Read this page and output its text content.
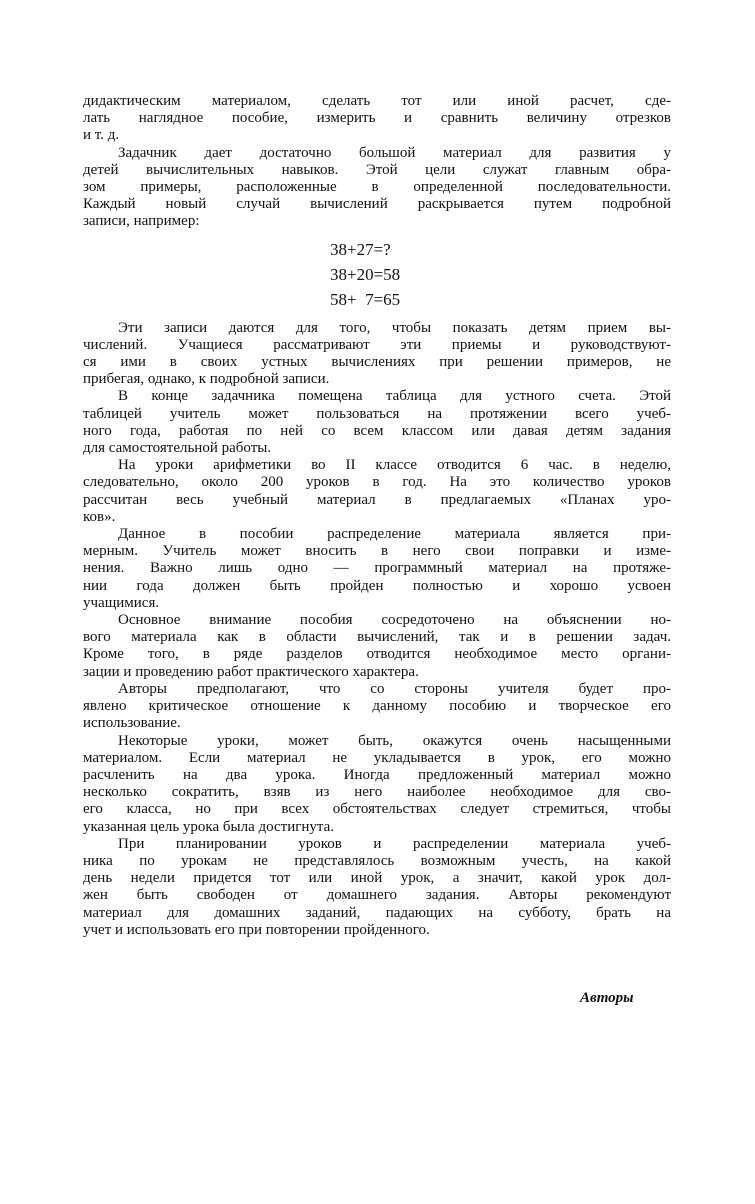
дидактическим материалом, сделать тот или иной расчет, сде-
лать наглядное пособие, измерить и сравнить величину отрезков
и т. д.
Задачник дает достаточно большой материал для развития у
детей вычислительных навыков. Этой цели служат главным обра-
зом примеры, расположенные в определенной последовательности.
Каждый новый случай вычислений раскрывается путем подробной
записи, например:
38+27=?
38+20=58
58+  7=65
Эти записи даются для того, чтобы показать детям прием вы-
числений. Учащиеся рассматривают эти приемы и руководствуют-
ся ими в своих устных вычислениях при решении примеров, не
прибегая, однако, к подробной записи.
В конце задачника помещена таблица для устного счета. Этой
таблицей учитель может пользоваться на протяжении всего учеб-
ного года, работая по ней со всем классом или давая детям задания
для самостоятельной работы.
На уроки арифметики во II классе отводится 6 час. в неделю,
следовательно, около 200 уроков в год. На это количество уроков
рассчитан весь учебный материал в предлагаемых «Планах уро-
ков».
Данное в пособии распределение материала является при-
мерным. Учитель может вносить в него свои поправки и изме-
нения. Важно лишь одно — программный материал на протяже-
нии года должен быть пройден полностью и хорошо усвоен
учащимися.
Основное внимание пособия сосредоточено на объяснении но-
вого материала как в области вычислений, так и в решении задач.
Кроме того, в ряде разделов отводится необходимое место органи-
зации и проведению работ практического характера.
Авторы предполагают, что со стороны учителя будет про-
явлено критическое отношение к данному пособию и творческое его
использование.
Некоторые уроки, может быть, окажутся очень насыщенными
материалом. Если материал не укладывается в урок, его можно
расчленить на два урока. Иногда предложенный материал можно
несколько сократить, взяв из него наиболее необходимое для сво-
его класса, но при всех обстоятельствах следует стремиться, чтобы
указанная цель урока была достигнута.
При планировании уроков и распределении материала учеб-
ника по урокам не представлялось возможным учесть, на какой
день недели придется тот или иной урок, а значит, какой урок дол-
жен быть свободен от домашнего задания. Авторы рекомендуют
материал для домашних заданий, падающих на субботу, брать на
учет и использовать его при повторении пройденного.
Авторы
